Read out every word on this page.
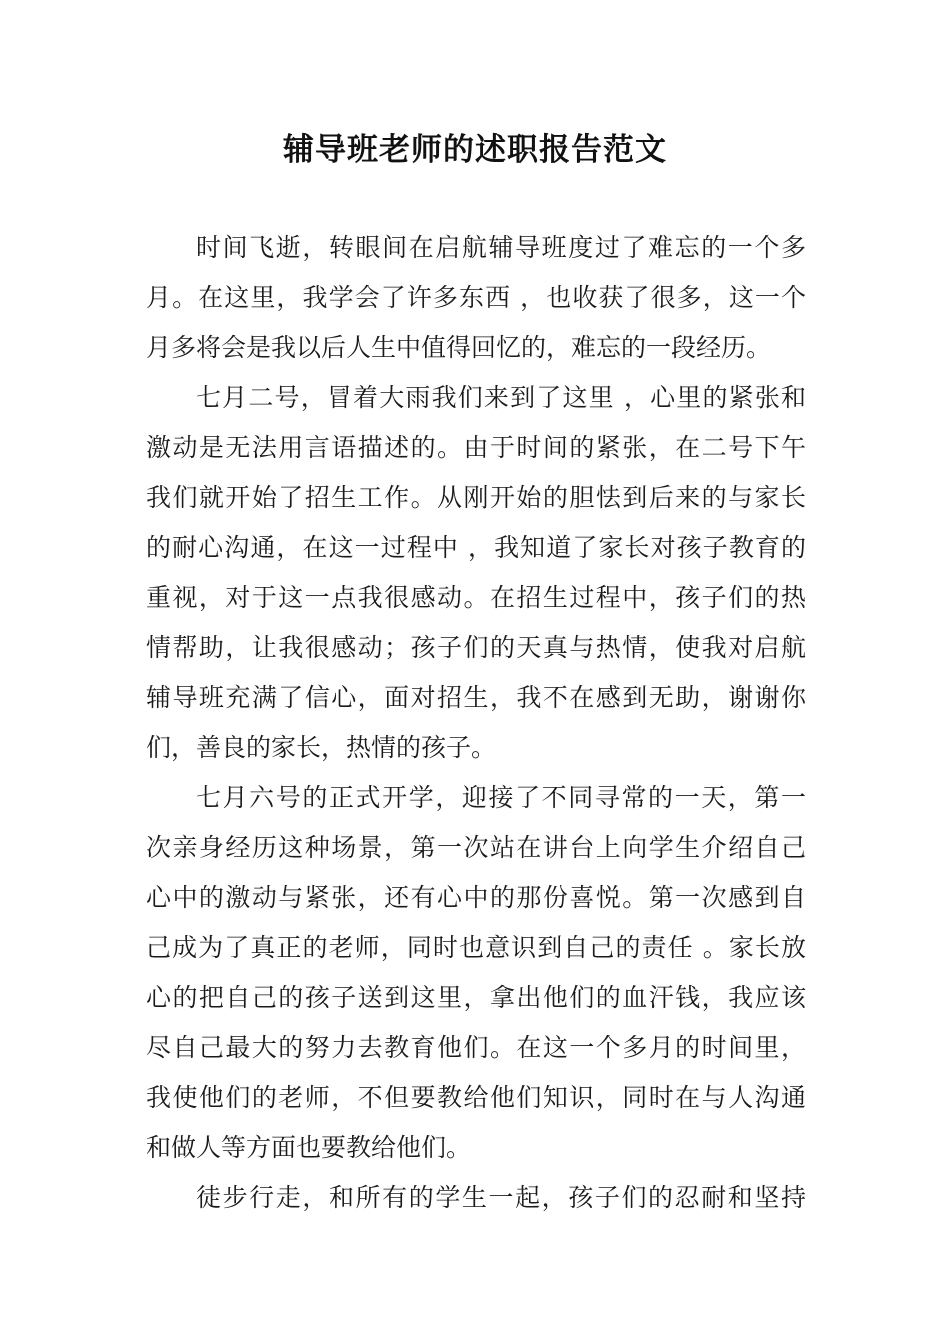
辅导班老师的述职报告范文

时间飞逝，转眼间在启航辅导班度过了难忘的一个多

月。在这里，我学会了许多东西 ，也收获了很多，这一个

月多将会是我以后人生中值得回忆的，难忘的一段经历。

七月二号，冒着大雨我们来到了这里 ，心里的紧张和

激动是无法用言语描述的。由于时间的紧张，在二号下午

我们就开始了招生工作。从刚开始的胆怯到后来的与家长

的耐心沟通，在这一过程中 ，我知道了家长对孩子教育的

重视，对于这一点我很感动。在招生过程中，孩子们的热

情帮助，让我很感动；孩子们的天真与热情，使我对启航

辅导班充满了信心，面对招生，我不在感到无助，谢谢你

们，善良的家长，热情的孩子。

七月六号的正式开学，迎接了不同寻常的一天，第一

次亲身经历这种场景，第一次站在讲台上向学生介绍自己

心中的激动与紧张，还有心中的那份喜悦。第一次感到自

己成为了真正的老师，同时也意识到自己的责任 。家长放

心的把自己的孩子送到这里，拿出他们的血汗钱，我应该

尽自己最大的努力去教育他们。在这一个多月的时间里，

我使他们的老师，不但要教给他们知识，同时在与人沟通

和做人等方面也要教给他们。

徒步行走，和所有的学生一起，孩子们的忍耐和坚持
